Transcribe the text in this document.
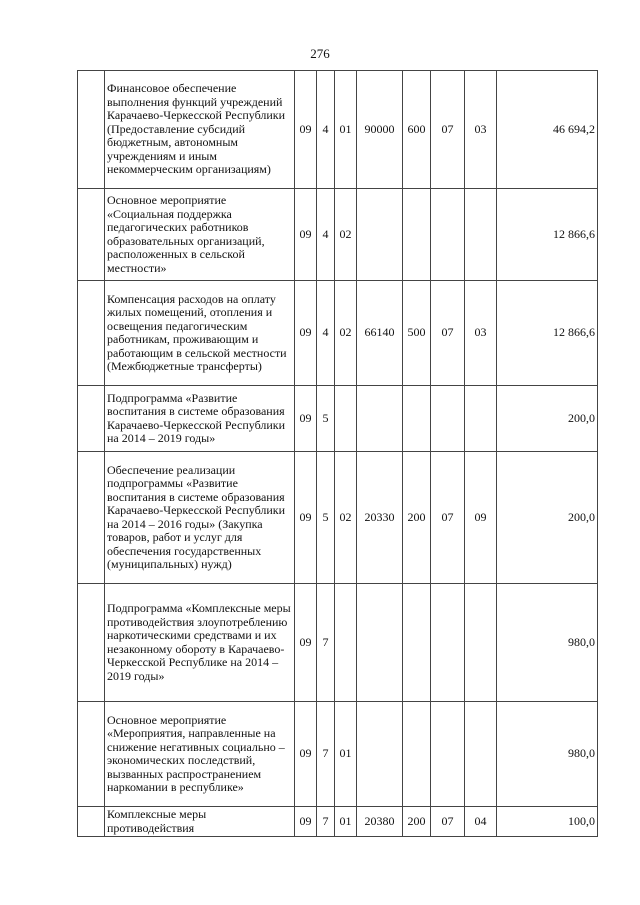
276
	Финансовое обеспечение выполнения функций учреждений Карачаево-Черкесской Республики (Предоставление субсидий бюджетным, автономным учреждениям и иным некоммерческим организациям)	09	4	01	90000	600	07	03	46 694,2
	Основное мероприятие «Социальная поддержка педагогических работников образовательных организаций, расположенных в сельской местности»	09	4	02					12 866,6
	Компенсация расходов на оплату жилых помещений, отопления и освещения педагогическим работникам, проживающим и работающим в сельской местности (Межбюджетные трансферты)	09	4	02	66140	500	07	03	12 866,6
	Подпрограмма «Развитие воспитания в системе образования Карачаево-Черкесской Республики на 2014 – 2019 годы»	09	5						200,0
	Обеспечение реализации подпрограммы «Развитие воспитания в системе образования Карачаево-Черкесской Республики на 2014 – 2016 годы» (Закупка товаров, работ и услуг для обеспечения государственных (муниципальных) нужд)	09	5	02	20330	200	07	09	200,0
	Подпрограмма «Комплексные меры противодействия злоупотреблению наркотическими средствами и их незаконному обороту в Карачаево-Черкесской Республике на 2014 – 2019 годы»	09	7						980,0
	Основное мероприятие «Мероприятия, направленные на снижение негативных социально – экономических последствий, вызванных распространением наркомании в республике»	09	7	01					980,0
	Комплексные меры противодействия	09	7	01	20380	200	07	04	100,0
